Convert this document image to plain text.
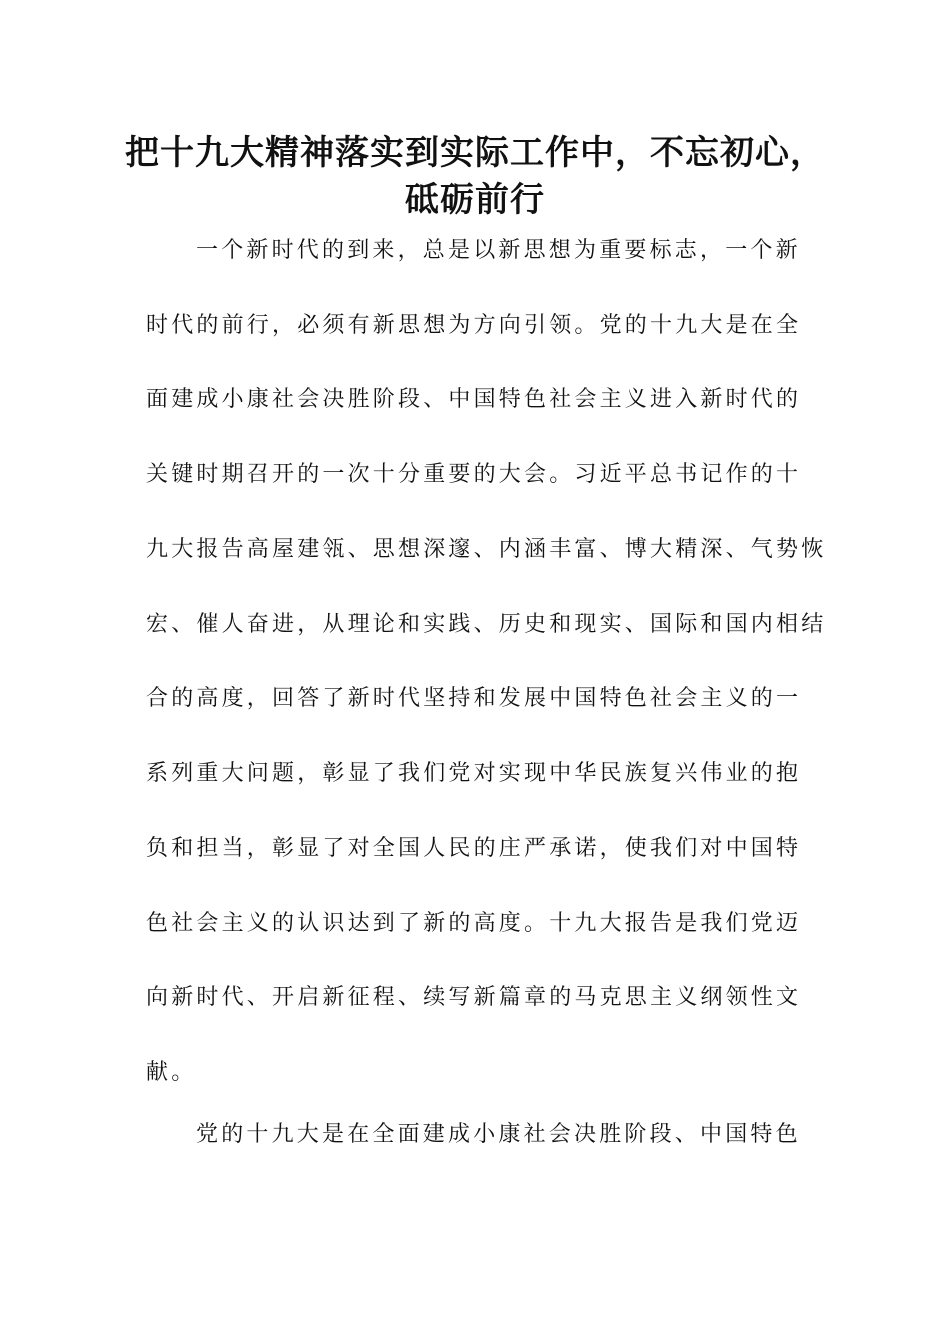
把十九大精神落实到实际工作中，不忘初心，
砥砺前行

一个新时代的到来，总是以新思想为重要标志，一个新

时代的前行，必须有新思想为方向引领。党的十九大是在全

面建成小康社会决胜阶段、中国特色社会主义进入新时代的

关键时期召开的一次十分重要的大会。习近平总书记作的十

九大报告高屋建瓴、思想深邃、内涵丰富、博大精深、气势恢

宏、催人奋进，从理论和实践、历史和现实、国际和国内相结

合的高度，回答了新时代坚持和发展中国特色社会主义的一

系列重大问题，彰显了我们党对实现中华民族复兴伟业的抱

负和担当，彰显了对全国人民的庄严承诺，使我们对中国特

色社会主义的认识达到了新的高度。十九大报告是我们党迈

向新时代、开启新征程、续写新篇章的马克思主义纲领性文

献。

党的十九大是在全面建成小康社会决胜阶段、中国特色
